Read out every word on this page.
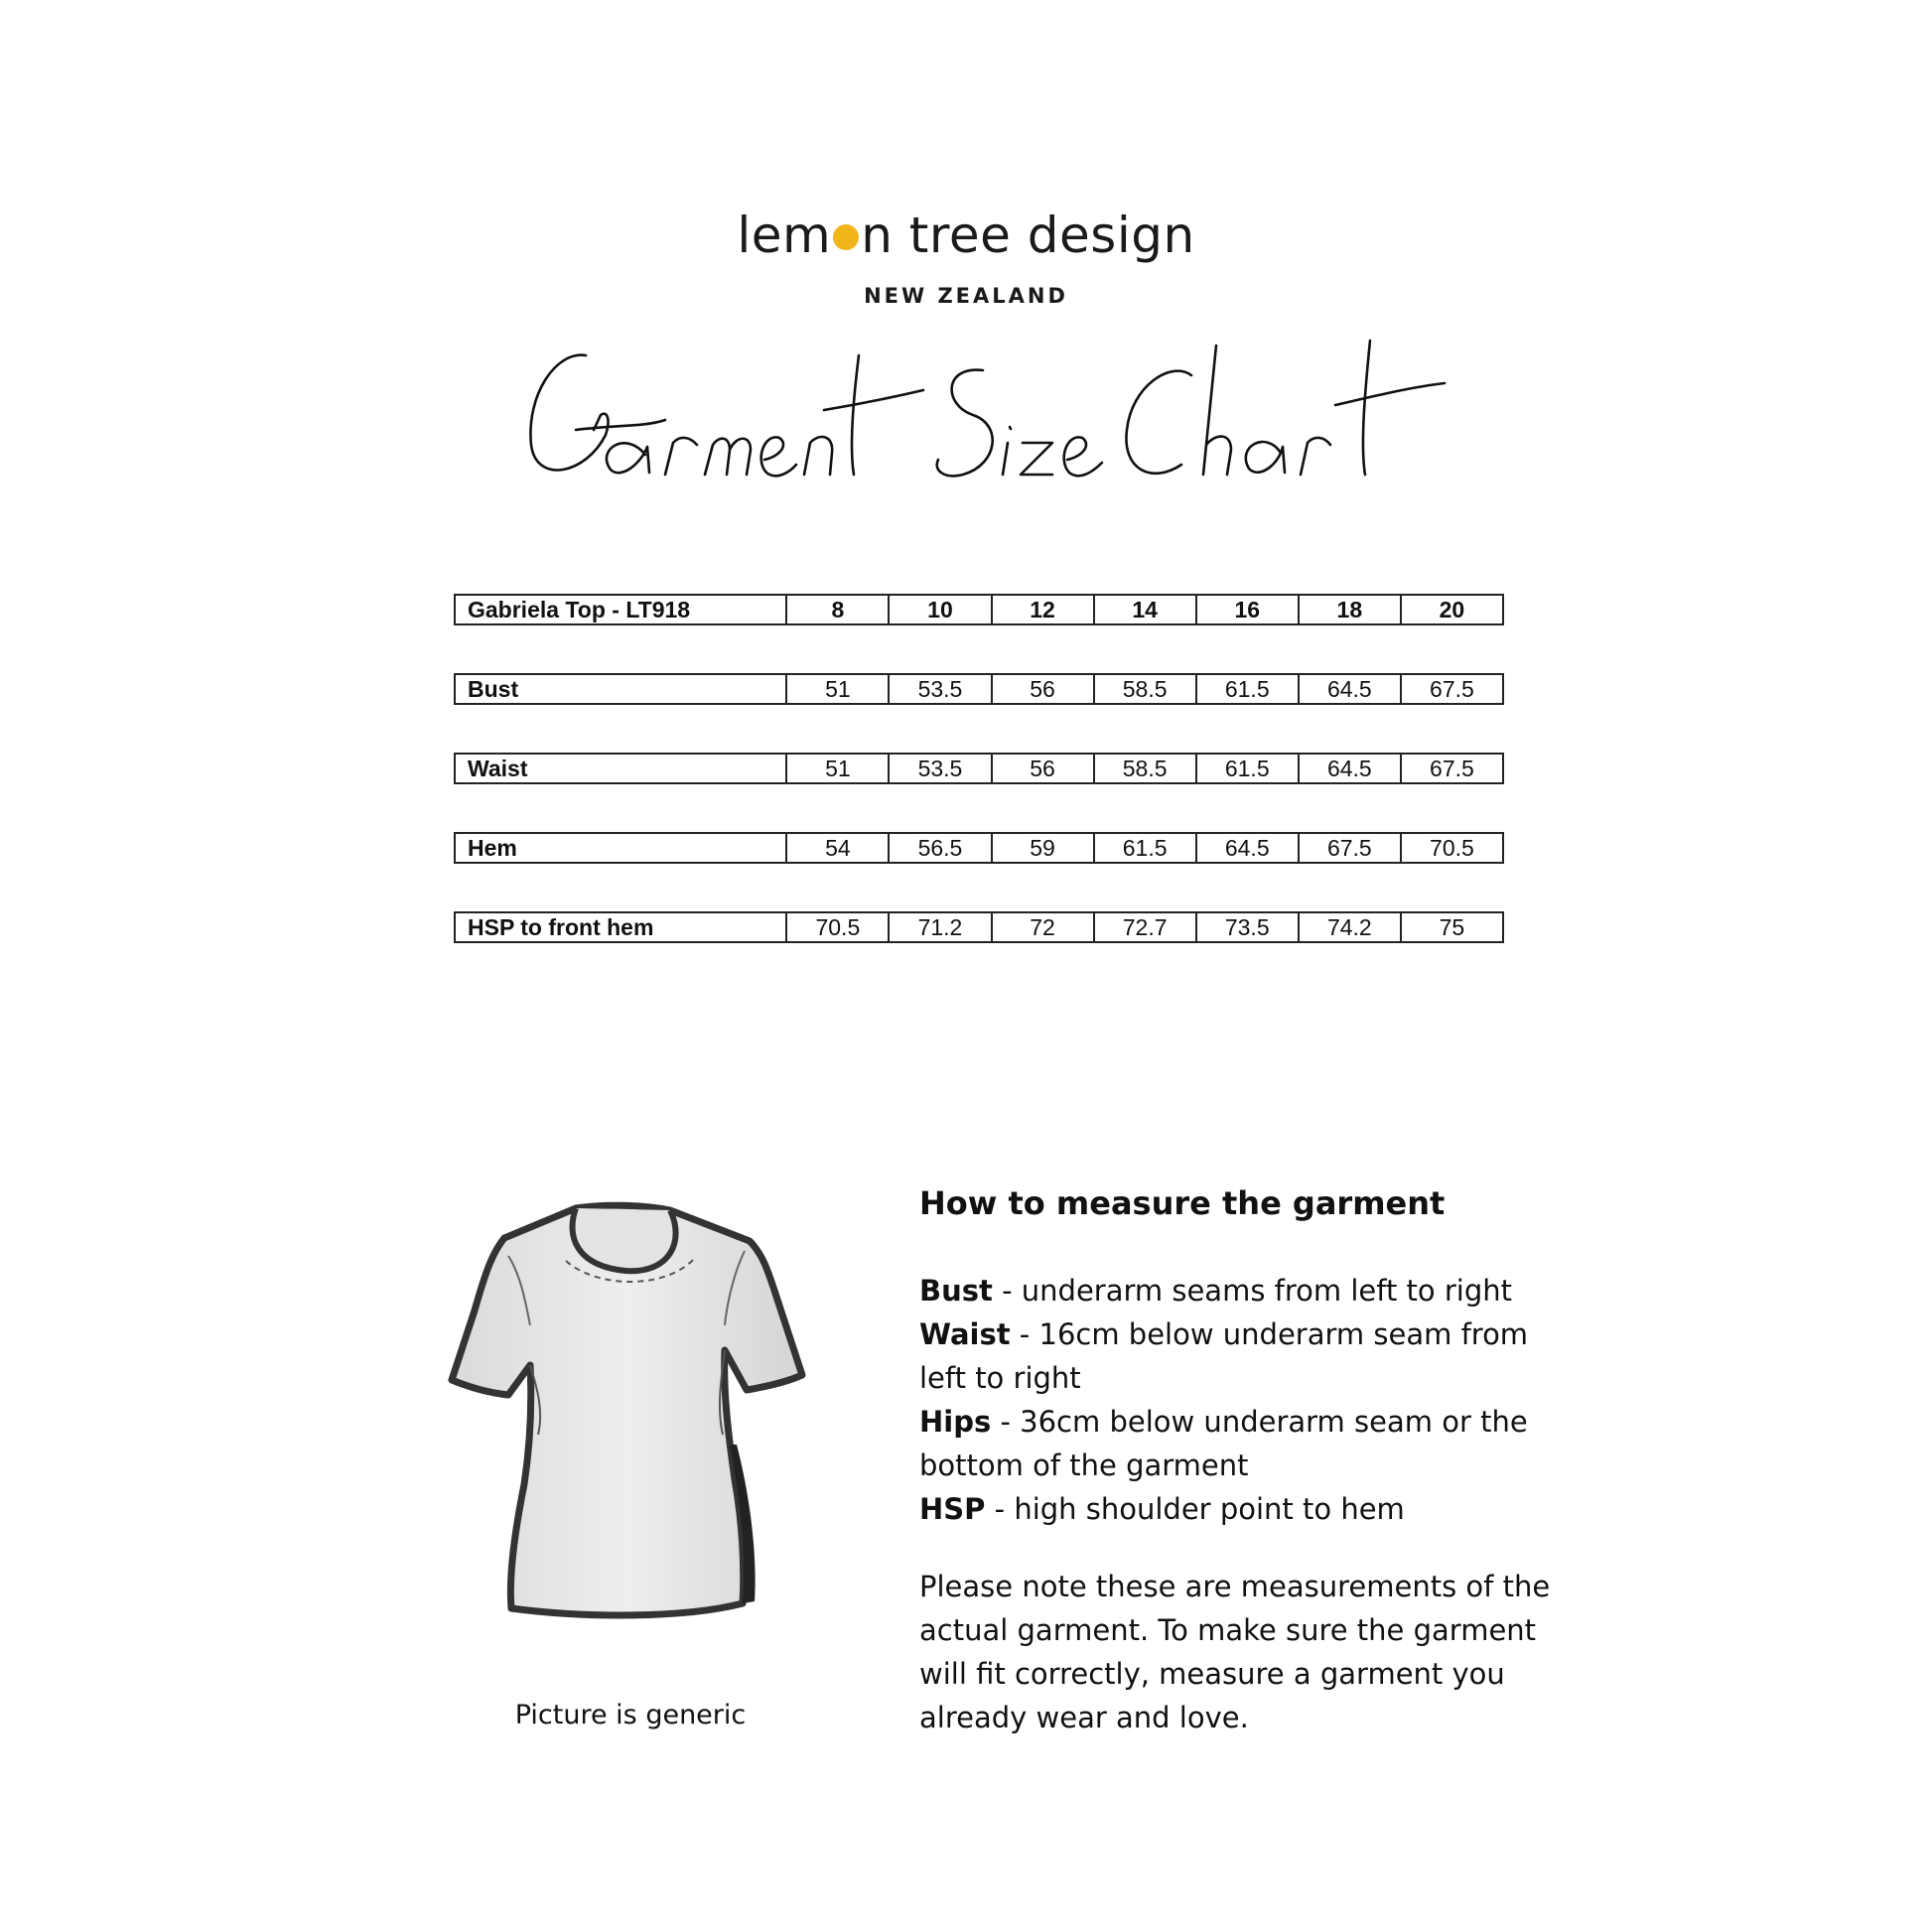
lem n tree design
NEW ZEALAND
Gabriela Top - LT918	8	10	12	14	16	18	20

Bust	51	53.5	56	58.5	61.5	64.5	67.5

Waist	51	53.5	56	58.5	61.5	64.5	67.5

Hem	54	56.5	59	61.5	64.5	67.5	70.5

HSP to front hem	70.5	71.2	72	72.7	73.5	74.2	75
Picture is generic
How to measure the garment

Bust - underarm seams from left to right

Waist - 16cm below underarm seam from left to right

Hips - 36cm below underarm seam or the bottom of the garment

HSP - high shoulder point to hem

Please note these are measurements of the actual garment. To make sure the garment will fit correctly, measure a garment you already wear and love.
